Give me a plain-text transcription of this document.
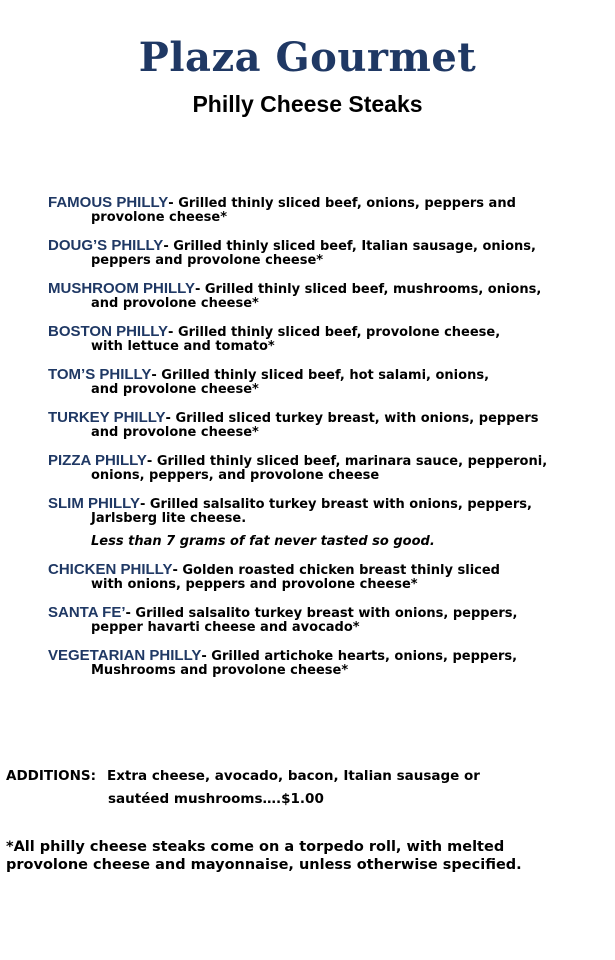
Plaza Gourmet
Philly Cheese Steaks
FAMOUS PHILLY- Grilled thinly sliced beef, onions, peppers and
provolone cheese*
DOUG’S PHILLY- Grilled thinly sliced beef, Italian sausage, onions,
peppers and provolone cheese*
MUSHROOM PHILLY- Grilled thinly sliced beef, mushrooms, onions,
and provolone cheese*
BOSTON PHILLY- Grilled thinly sliced beef, provolone cheese,
with lettuce and tomato*
TOM’S PHILLY- Grilled thinly sliced beef, hot salami, onions,
and provolone cheese*
TURKEY PHILLY- Grilled sliced turkey breast, with onions, peppers
and provolone cheese*
PIZZA PHILLY- Grilled thinly sliced beef, marinara sauce, pepperoni,
onions, peppers, and provolone cheese
SLIM PHILLY- Grilled salsalito turkey breast with onions, peppers,
Jarlsberg lite cheese.
Less than 7 grams of fat never tasted so good.
CHICKEN PHILLY- Golden roasted chicken breast thinly sliced
with onions, peppers and provolone cheese*
SANTA FE’- Grilled salsalito turkey breast with onions, peppers,
pepper havarti cheese and avocado*
VEGETARIAN PHILLY- Grilled artichoke hearts, onions, peppers,
Mushrooms and provolone cheese*
ADDITIONS: Extra cheese, avocado, bacon, Italian sausage or
sautéed mushrooms….$1.00
*All philly cheese steaks come on a torpedo roll, with melted
provolone cheese and mayonnaise, unless otherwise specified.
